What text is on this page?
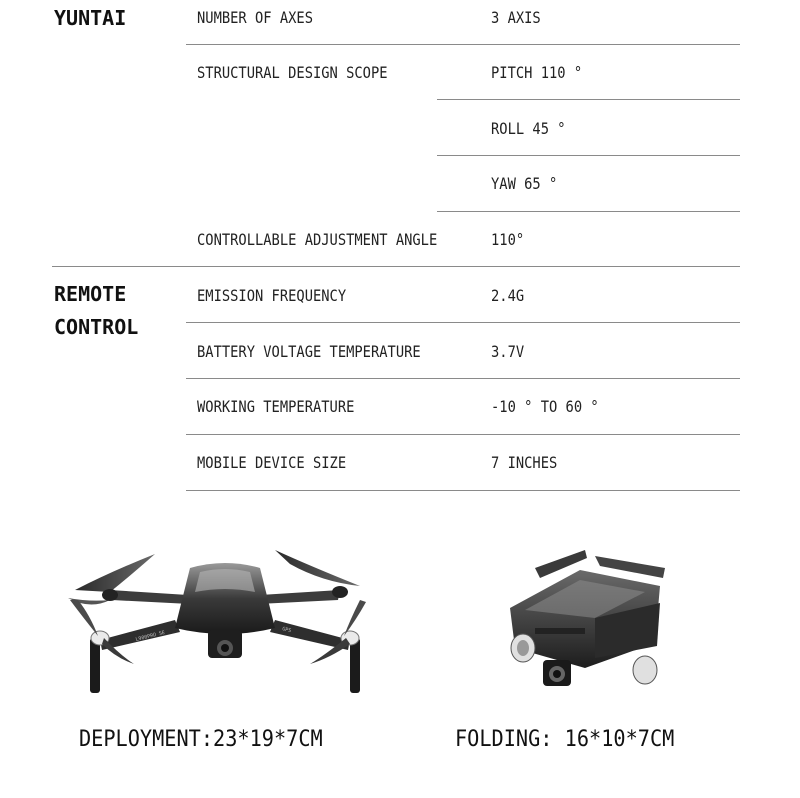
YUNTAI	NUMBER OF AXES	3 AXIS
STRUCTURAL DESIGN SCOPE	PITCH 110 °
ROLL 45 °
YAW 65 °
CONTROLLABLE ADJUSTMENT ANGLE	110°
REMOTE
CONTROL
EMISSION FREQUENCY	2.4G
BATTERY VOLTAGE TEMPERATURE	3.7V
WORKING TEMPERATURE	-10 ° TO 60 °
MOBILE DEVICE SIZE	7 INCHES
L900PRO SE	GPS
DEPLOYMENT:23*19*7CM	FOLDING: 16*10*7CM
